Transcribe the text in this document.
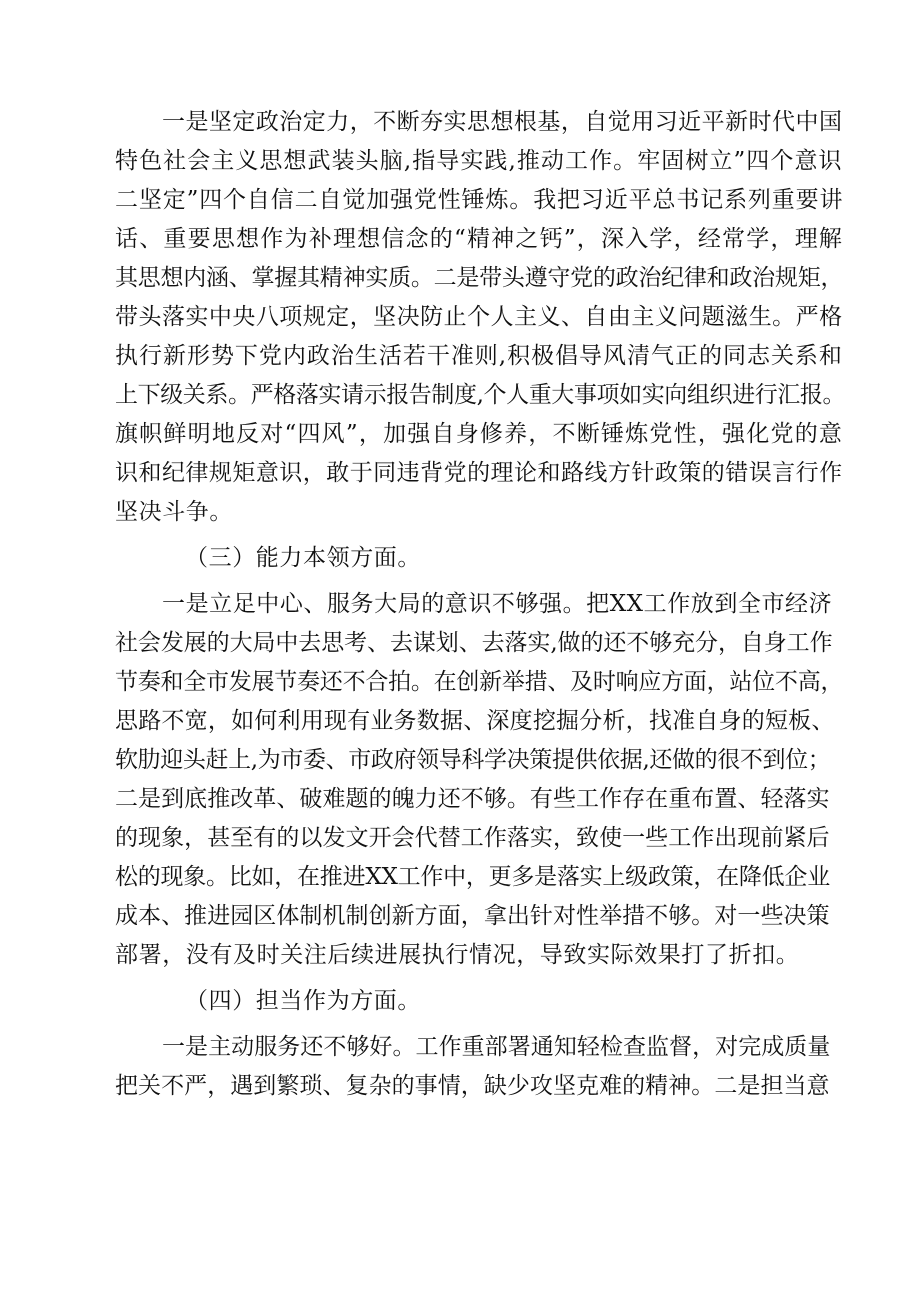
一是坚定政治定力，不断夯实思想根基，自觉用习近平新时代中国
特色社会主义思想武装头脑,指导实践,推动工作。牢固树立”四个意识
二坚定”四个自信二自觉加强党性锤炼。我把习近平总书记系列重要讲
话、重要思想作为补理想信念的“精神之钙”，深入学，经常学，理解
其思想内涵、掌握其精神实质。二是带头遵守党的政治纪律和政治规矩，
带头落实中央八项规定，坚决防止个人主义、自由主义问题滋生。严格
执行新形势下党内政治生活若干准则,积极倡导风清气正的同志关系和
上下级关系。严格落实请示报告制度,个人重大事项如实向组织进行汇报。
旗帜鲜明地反对“四风”，加强自身修养，不断锤炼党性，强化党的意
识和纪律规矩意识，敢于同违背党的理论和路线方针政策的错误言行作
坚决斗争。
（三）能力本领方面。
一是立足中心、服务大局的意识不够强。把XX工作放到全市经济
社会发展的大局中去思考、去谋划、去落实,做的还不够充分，自身工作
节奏和全市发展节奏还不合拍。在创新举措、及时响应方面，站位不高，
思路不宽，如何利用现有业务数据、深度挖掘分析，找准自身的短板、
软肋迎头赶上,为市委、市政府领导科学决策提供依据,还做的很不到位；
二是到底推改革、破难题的魄力还不够。有些工作存在重布置、轻落实
的现象，甚至有的以发文开会代替工作落实，致使一些工作出现前紧后
松的现象。比如，在推进XX工作中，更多是落实上级政策，在降低企业
成本、推进园区体制机制创新方面，拿出针对性举措不够。对一些决策
部署，没有及时关注后续进展执行情况，导致实际效果打了折扣。
（四）担当作为方面。
一是主动服务还不够好。工作重部署通知轻检查监督，对完成质量
把关不严，遇到繁琐、复杂的事情，缺少攻坚克难的精神。二是担当意
